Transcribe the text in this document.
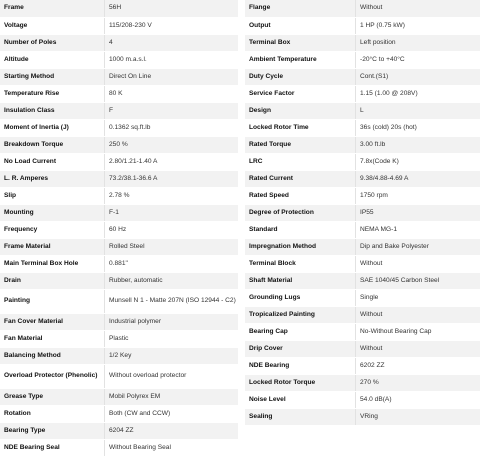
Frame	56H
Voltage	115/208-230 V
Number of Poles	4
Altitude	1000 m.a.s.l.
Starting Method	Direct On Line
Temperature Rise	80 K
Insulation Class	F
Moment of Inertia (J)	0.1362 sq.ft.lb
Breakdown Torque	250 %
No Load Current	2.80/1.21-1.40 A
L. R. Amperes	73.2/38.1-36.6 A
Slip	2.78 %
Mounting	F-1
Frequency	60 Hz
Frame Material	Rolled Steel
Main Terminal Box Hole	0.881"
Drain	Rubber, automatic
Painting	Munsell N 1 - Matte 207N (ISO 12944 - C2)
Fan Cover Material	Industrial polymer
Fan Material	Plastic
Balancing Method	1/2 Key
Overload Protector (Phenolic)	Without overload protector
Grease Type	Mobil Polyrex EM
Rotation	Both (CW and CCW)
Bearing Type	6204 ZZ
NDE Bearing Seal	Without Bearing Seal
Flange	Without
Output	1 HP (0.75 kW)
Terminal Box	Left position
Ambient Temperature	-20°C to +40°C
Duty Cycle	Cont.(S1)
Service Factor	1.15 (1.00 @ 208V)
Design	L
Locked Rotor Time	36s (cold) 20s (hot)
Rated Torque	3.00 ft.lb
LRC	7.8x(Code K)
Rated Current	9.38/4.88-4.69 A
Rated Speed	1750 rpm
Degree of Protection	IP55
Standard	NEMA MG-1
Impregnation Method	Dip and Bake Polyester
Terminal Block	Without
Shaft Material	SAE 1040/45 Carbon Steel
Grounding Lugs	Single
Tropicalized Painting	Without
Bearing Cap	No-Without Bearing Cap
Drip Cover	Without
NDE Bearing	6202 ZZ
Locked Rotor Torque	270 %
Noise Level	54.0 dB(A)
Sealing	VRing
